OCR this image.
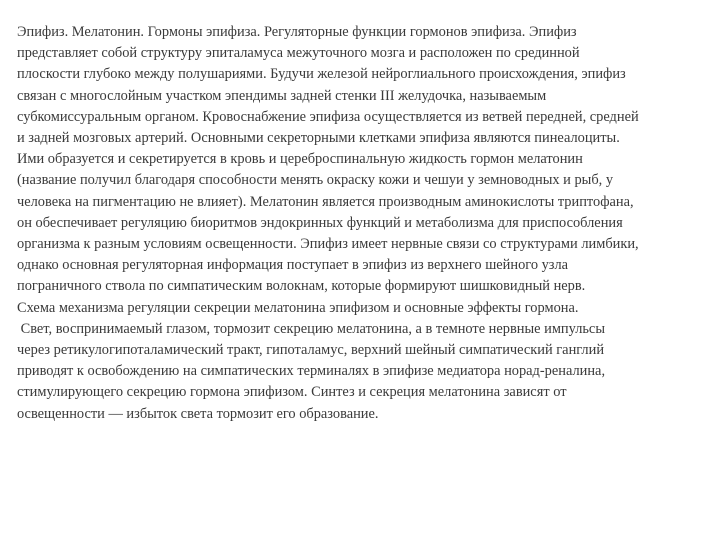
Эпифиз. Мелатонин. Гормоны эпифиза. Регуляторные функции гормонов эпифиза. Эпифиз
представляет собой структуру эпиталамуса межуточного мозга и расположен по срединной
плоскости глубоко между полушариями. Будучи железой нейроглиального происхождения, эпифиз
связан с многослойным участком эпендимы задней стенки III желудочка, называемым
субкомиссуральным органом. Кровоснабжение эпифиза осуществляется из ветвей передней, средней
и задней мозговых артерий. Основными секреторными клетками эпифиза являются пинеалоциты.
Ими образуется и секретируется в кровь и цереброспинальную жидкость гормон мелатонин
(название получил благодаря способности менять окраску кожи и чешуи у земноводных и рыб, у
человека на пигментацию не влияет). Мелатонин является производным аминокислоты триптофана,
он обеспечивает регуляцию биоритмов эндокринных функций и метаболизма для приспособления
организма к разным условиям освещенности. Эпифиз имеет нервные связи со структурами лимбики,
однако основная регуляторная информация поступает в эпифиз из верхнего шейного узла
пограничного ствола по симпатическим волокнам, которые формируют шишковидный нерв.
Схема механизма регуляции секреции мелатонина эпифизом и основные эффекты гормона.
Свет, воспринимаемый глазом, тормозит секрецию мелатонина, а в темноте нервные импульсы
через ретикулогипоталамический тракт, гипоталамус, верхний шейный симпатический ганглий
приводят к освобождению на симпатических терминалях в эпифизе медиатора норад-реналина,
стимулирующего секрецию гормона эпифизом. Синтез и секреция мелатонина зависят от
освещенности — избыток света тормозит его образование.
